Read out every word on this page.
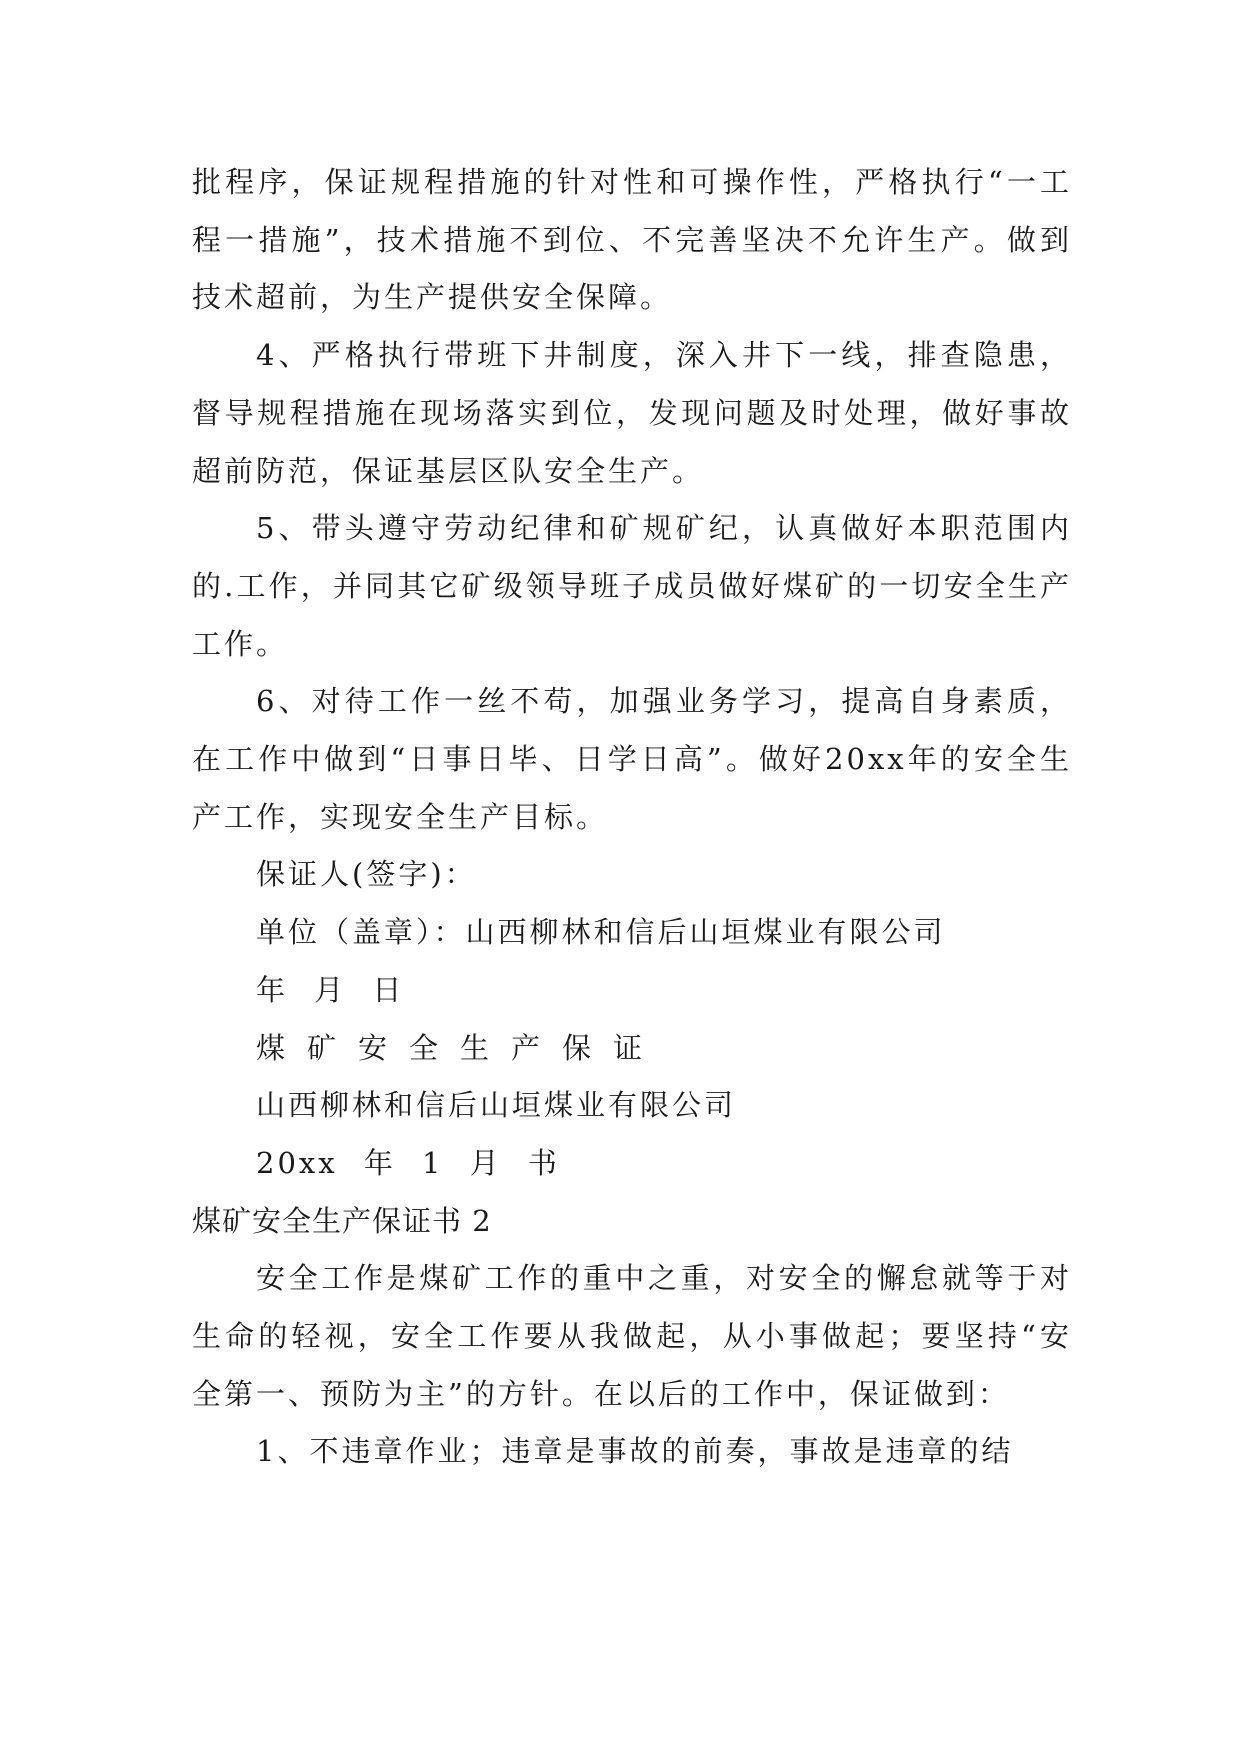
批程序，保证规程措施的针对性和可操作性，严格执行“一工程一措施”，技术措施不到位、不完善坚决不允许生产。做到技术超前，为生产提供安全保障。

4、严格执行带班下井制度，深入井下一线，排查隐患，督导规程措施在现场落实到位，发现问题及时处理，做好事故超前防范，保证基层区队安全生产。

5、带头遵守劳动纪律和矿规矿纪，认真做好本职范围内的.工作，并同其它矿级领导班子成员做好煤矿的一切安全生产工作。

6、对待工作一丝不苟，加强业务学习，提高自身素质，在工作中做到“日事日毕、日学日高”。做好20xx年的安全生产工作，实现安全生产目标。

保证人(签字)：

单位（盖章）：山西柳林和信后山垣煤业有限公司

年 月 日

煤矿安全生产保证

山西柳林和信后山垣煤业有限公司

20xx 年 1 月 书

煤矿安全生产保证书 2

安全工作是煤矿工作的重中之重，对安全的懈怠就等于对生命的轻视，安全工作要从我做起，从小事做起；要坚持“安全第一、预防为主”的方针。在以后的工作中，保证做到：

1、不违章作业；违章是事故的前奏，事故是违章的结
